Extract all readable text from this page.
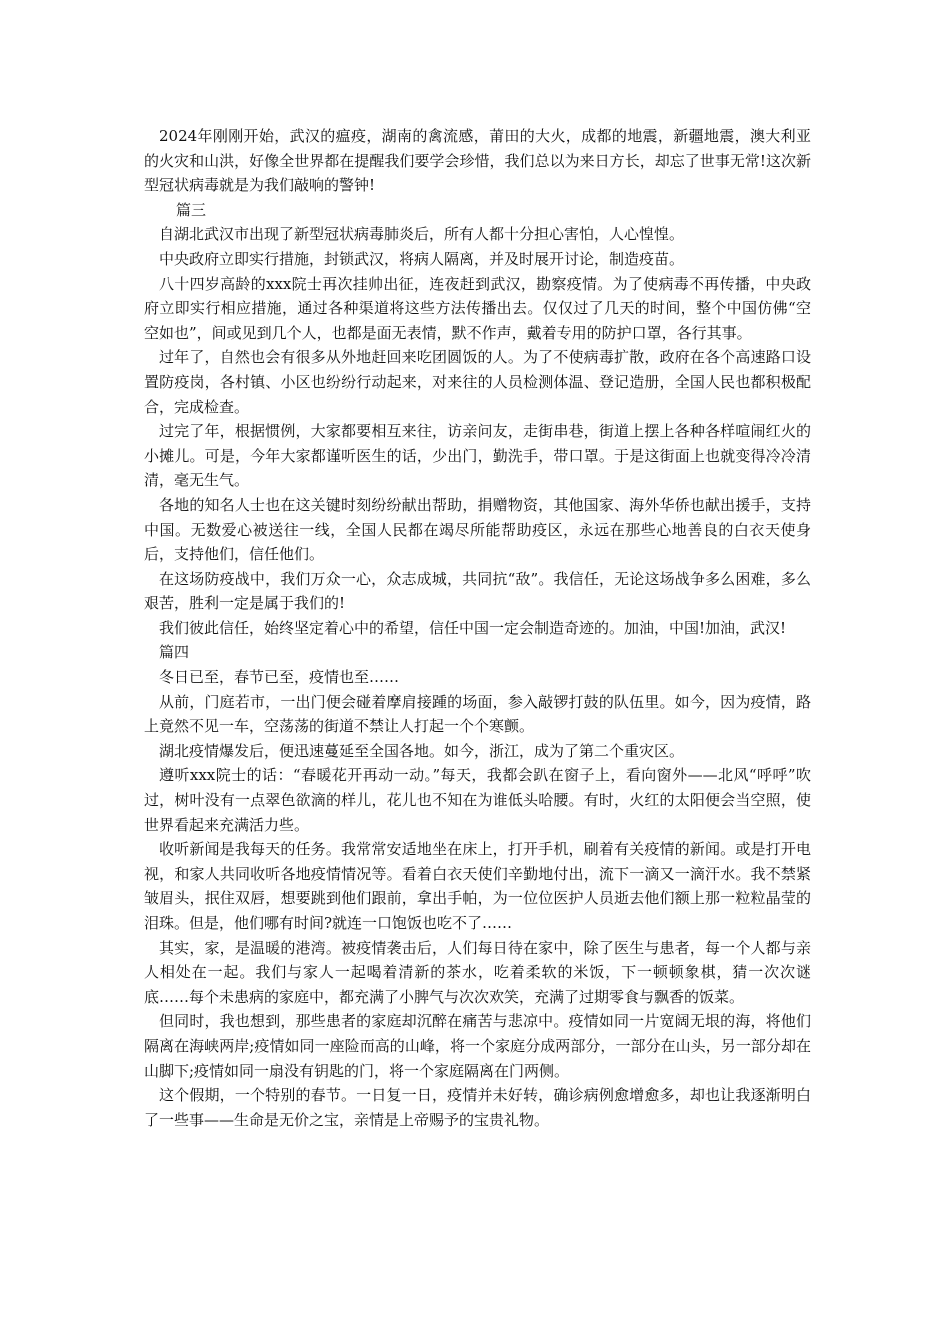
2024年刚刚开始，武汉的瘟疫，湖南的禽流感，莆田的大火，成都的地震，新疆地震，澳大利亚的火灾和山洪，好像全世界都在提醒我们要学会珍惜，我们总以为来日方长，却忘了世事无常!这次新型冠状病毒就是为我们敲响的警钟!

篇三

自湖北武汉市出现了新型冠状病毒肺炎后，所有人都十分担心害怕，人心惶惶。

中央政府立即实行措施，封锁武汉，将病人隔离，并及时展开讨论，制造疫苗。

八十四岁高龄的xxx院士再次挂帅出征，连夜赶到武汉，勘察疫情。为了使病毒不再传播，中央政府立即实行相应措施，通过各种渠道将这些方法传播出去。仅仅过了几天的时间，整个中国仿佛“空空如也”，间或见到几个人，也都是面无表情，默不作声，戴着专用的防护口罩，各行其事。

过年了，自然也会有很多从外地赶回来吃团圆饭的人。为了不使病毒扩散，政府在各个高速路口设置防疫岗，各村镇、小区也纷纷行动起来，对来往的人员检测体温、登记造册，全国人民也都积极配合，完成检查。

过完了年，根据惯例，大家都要相互来往，访亲问友，走街串巷，街道上摆上各种各样喧闹红火的小摊儿。可是，今年大家都谨听医生的话，少出门，勤洗手，带口罩。于是这街面上也就变得冷冷清清，毫无生气。

各地的知名人士也在这关键时刻纷纷献出帮助，捐赠物资，其他国家、海外华侨也献出援手，支持中国。无数爱心被送往一线，全国人民都在竭尽所能帮助疫区，永远在那些心地善良的白衣天使身后，支持他们，信任他们。

在这场防疫战中，我们万众一心，众志成城，共同抗“敌”。我信任，无论这场战争多么困难，多么艰苦，胜利一定是属于我们的!

我们彼此信任，始终坚定着心中的希望，信任中国一定会制造奇迹的。加油，中国!加油，武汉!

篇四

冬日已至，春节已至，疫情也至……

从前，门庭若市，一出门便会碰着摩肩接踵的场面，参入敲锣打鼓的队伍里。如今，因为疫情，路上竟然不见一车，空荡荡的街道不禁让人打起一个个寒颤。

湖北疫情爆发后，便迅速蔓延至全国各地。如今，浙江，成为了第二个重灾区。

遵听xxx院士的话：“春暖花开再动一动。”每天，我都会趴在窗子上，看向窗外——北风“呼呼”吹过，树叶没有一点翠色欲滴的样儿，花儿也不知在为谁低头哈腰。有时，火红的太阳便会当空照，使世界看起来充满活力些。

收听新闻是我每天的任务。我常常安适地坐在床上，打开手机，刷着有关疫情的新闻。或是打开电视，和家人共同收听各地疫情情况等。看着白衣天使们辛勤地付出，流下一滴又一滴汗水。我不禁紧皱眉头，抿住双唇，想要跳到他们跟前，拿出手帕，为一位位医护人员逝去他们额上那一粒粒晶莹的泪珠。但是，他们哪有时间?就连一口饱饭也吃不了……

其实，家，是温暖的港湾。被疫情袭击后，人们每日待在家中，除了医生与患者，每一个人都与亲人相处在一起。我们与家人一起喝着清新的茶水，吃着柔软的米饭，下一顿顿象棋，猜一次次谜底……每个未患病的家庭中，都充满了小脾气与次次欢笑，充满了过期零食与飘香的饭菜。

但同时，我也想到，那些患者的家庭却沉醉在痛苦与悲凉中。疫情如同一片宽阔无垠的海，将他们隔离在海峡两岸;疫情如同一座险而高的山峰，将一个家庭分成两部分，一部分在山头，另一部分却在山脚下;疫情如同一扇没有钥匙的门，将一个家庭隔离在门两侧。

这个假期，一个特别的春节。一日复一日，疫情并未好转，确诊病例愈增愈多，却也让我逐渐明白了一些事——生命是无价之宝，亲情是上帝赐予的宝贵礼物。
